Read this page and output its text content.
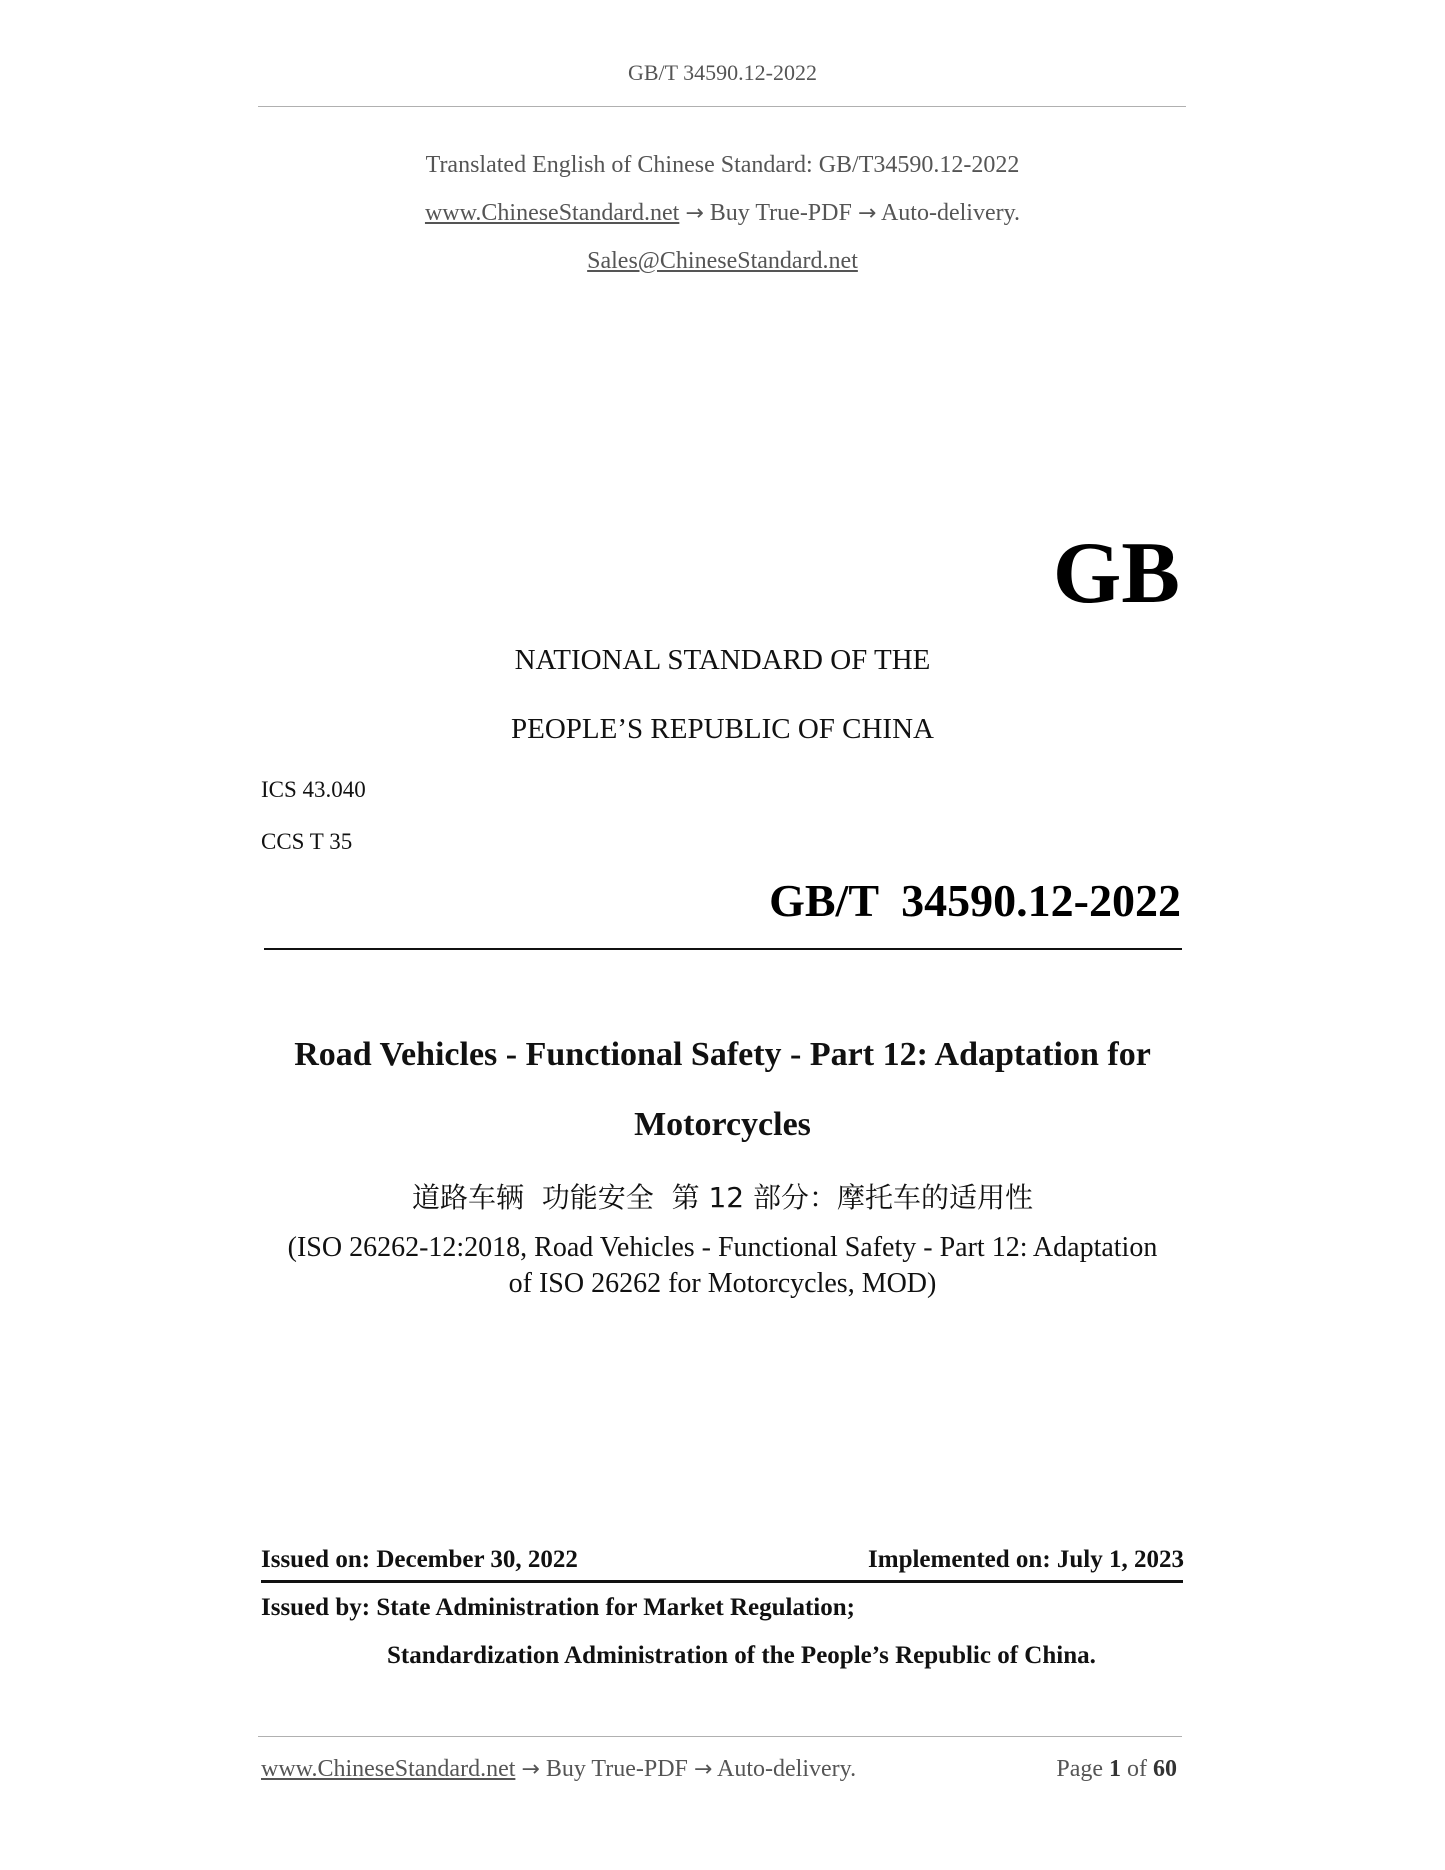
GB/T 34590.12-2022
Translated English of Chinese Standard: GB/T34590.12-2022
www.ChineseStandard.net → Buy True-PDF → Auto-delivery.
Sales@ChineseStandard.net
GB
NATIONAL STANDARD OF THE
PEOPLE’S REPUBLIC OF CHINA
ICS 43.040
CCS T 35
GB/T  34590.12-2022
Road Vehicles - Functional Safety - Part 12: Adaptation for
Motorcycles
道路车辆  功能安全  第 12 部分：摩托车的适用性
(ISO 26262-12:2018, Road Vehicles - Functional Safety - Part 12: Adaptation
of ISO 26262 for Motorcycles, MOD)
Issued on: December 30, 2022	Implemented on: July 1, 2023
Issued by: State Administration for Market Regulation;
Standardization Administration of the People’s Republic of China.
www.ChineseStandard.net → Buy True-PDF → Auto-delivery.	Page 1 of 60
